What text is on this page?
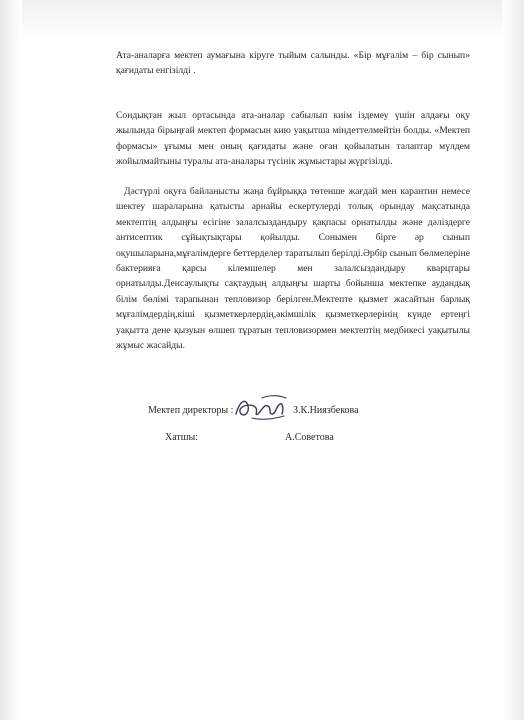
Ата-аналарға мектеп аумағына кіруге тыйым салынды. «Бір мұғалім – бір сынып» қағидаты енгізілді .

Сондықтан жыл ортасында ата-аналар сабылып киім іздемеу үшін алдағы оқу жылында бірыңғай мектеп формасын кию уақытша міндеттелмейтін болды. «Мектеп формасы» ұғымы мен оның қағидаты және оған қойылатын талаптар мүлдем жойылмайтыны туралы ата-аналары түсінік жұмыстары жүргізілді.

Дәстүрлі оқуға байланысты жаңа бұйрыққа төтенше жағдай мен карантин немесе шектеу шараларына қатысты арнайы ескертулерді толық орындау мақсатында мектептің алдыңғы есігіне залалсыздандыру қақпасы орнатылды және дәліздерге антисептик сұйықтықтары қойылды. Сонымен бірге әр сынып оқушыларына,мұғалімдерге беттерделер таратылып берілді.Әрбір сынып бөлмелеріне бактерияға қарсы кілемшелер мен залалсыздандыру кварцтары орнатылды.Денсаулықты сақтаудың алдыңғы шарты бойынша мектепке аудандық білім бөлімі тарапынан тепловизор берілген.Мектепте қызмет жасайтын барлық мұғалімдердің,кіші қызметкерлердің,әкімшілік қызметкерлерінің күнде ертеңгі уақытта дене қызуын өлшеп тұратын тепловизормен мектептің медбикесі уақытылы жұмыс жасайды.

Мектеп директоры :	З.К.Ниязбекова
Хатшы:	А.Советова
